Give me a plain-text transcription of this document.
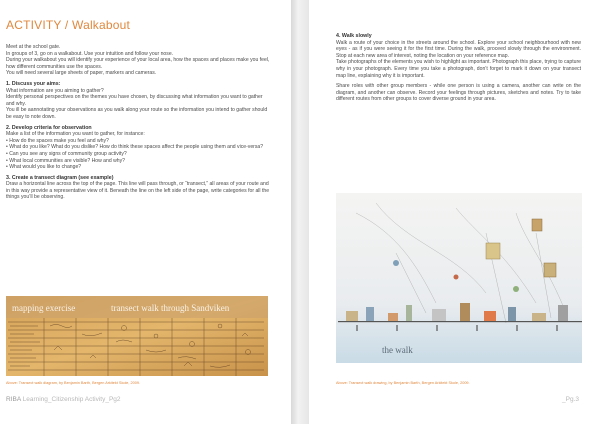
ACTIVITY / Walkabout

Meet at the school gate.

In groups of 3, go on a walkabout. Use your intuition and follow your nose.

During your walkabout you will identify your experience of your local area, how the spaces and places make you feel, how different communities use the spaces.

You will need several large sheets of paper, markers and cameras.

1. Discuss your aims:

What information are you aiming to gather?

Identify personal perspectives on the themes you have chosen, by discussing what information you want to gather and why.

You ill be aannotating your observations as you walk along your route so the information you intend to gather should be easy to note down.

2. Develop criteria for observation

Make a list of the information you want to gather, for instance:

• How do the spaces make you feel and why?

• What do you like? What do you dislike? How do think these spaces affect the people using them and vice-versa?

• Can you see any signs of community group activity?

• What local communities are visible? How and why?

• What would you like to change?

3. Create a transect diagram (see example)

Draw a horizontal line across the top of the page. This line will pass through, or “transect,” all areas of your route and in this way provide a representative view of it. Beneath the line on the left side of the page, write categories for all the things you’ll be observing.

mapping exercise	transect walk through Sandviken
Above: Transect walk diagram, by Benjamin Barth, Bergen Arkitekt Skole, 2009.
RIBA Learning_Citizenship Activity_Pg2
4. Walk slowly

Walk a route of your choice in the streets around the school. Explore your school neighbourhood with new eyes - as if you were seeing it for the first time. During the walk, proceed slowly through the environment. Stop at each new area of interest, noting the location on your reference map.

Take photographs of the elements you wish to highlight as important. Photograph this place, trying to capture why in your photograph. Every time you take a photograph, don’t forget to mark it down on your transect map line, explaining why it is important.

Share roles with other group members - while one person is using a camera, another can write on the diagram, and another can observe. Record your feelings through pictures, sketches and notes. Try to take different routes from other groups to cover diverse ground in your area.

the walk
Above: Transect walk drawing, by Benjamin Barth, Bergen Arkitekt Skole, 2009.
_Pg.3
